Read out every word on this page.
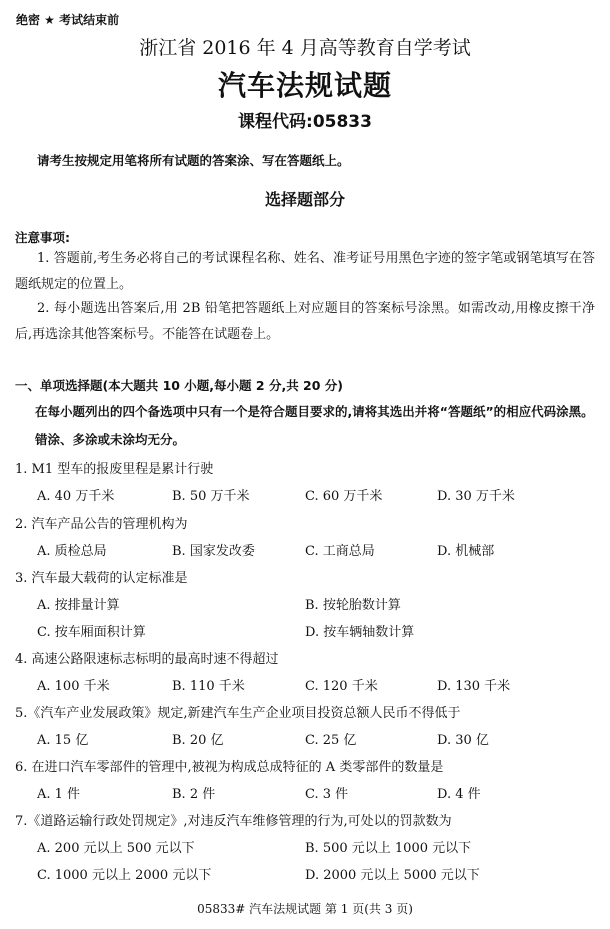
绝密 ★ 考试结束前
浙江省 2016 年 4 月高等教育自学考试
汽车法规试题
课程代码:05833
请考生按规定用笔将所有试题的答案涂、写在答题纸上。
选择题部分
注意事项:
1. 答题前,考生务必将自己的考试课程名称、姓名、准考证号用黑色字迹的签字笔或钢笔填写在答题纸规定的位置上。
2. 每小题选出答案后,用 2B 铅笔把答题纸上对应题目的答案标号涂黑。如需改动,用橡皮擦干净后,再选涂其他答案标号。不能答在试题卷上。
一、单项选择题(本大题共 10 小题,每小题 2 分,共 20 分)
在每小题列出的四个备选项中只有一个是符合题目要求的,请将其选出并将“答题纸”的相应代码涂黑。错涂、多涂或未涂均无分。
1. M1 型车的报废里程是累计行驶
A. 40 万千米	B. 50 万千米	C. 60 万千米	D. 30 万千米
2. 汽车产品公告的管理机构为
A. 质检总局	B. 国家发改委	C. 工商总局	D. 机械部
3. 汽车最大载荷的认定标准是
A. 按排量计算	B. 按轮胎数计算
C. 按车厢面积计算	D. 按车辆轴数计算
4. 高速公路限速标志标明的最高时速不得超过
A. 100 千米	B. 110 千米	C. 120 千米	D. 130 千米
5.《汽车产业发展政策》规定,新建汽车生产企业项目投资总额人民币不得低于
A. 15 亿	B. 20 亿	C. 25 亿	D. 30 亿
6. 在进口汽车零部件的管理中,被视为构成总成特征的 A 类零部件的数量是
A. 1 件	B. 2 件	C. 3 件	D. 4 件
7.《道路运输行政处罚规定》,对违反汽车维修管理的行为,可处以的罚款数为
A. 200 元以上 500 元以下	B. 500 元以上 1000 元以下
C. 1000 元以上 2000 元以下	D. 2000 元以上 5000 元以下
05833# 汽车法规试题 第 1 页(共 3 页)
